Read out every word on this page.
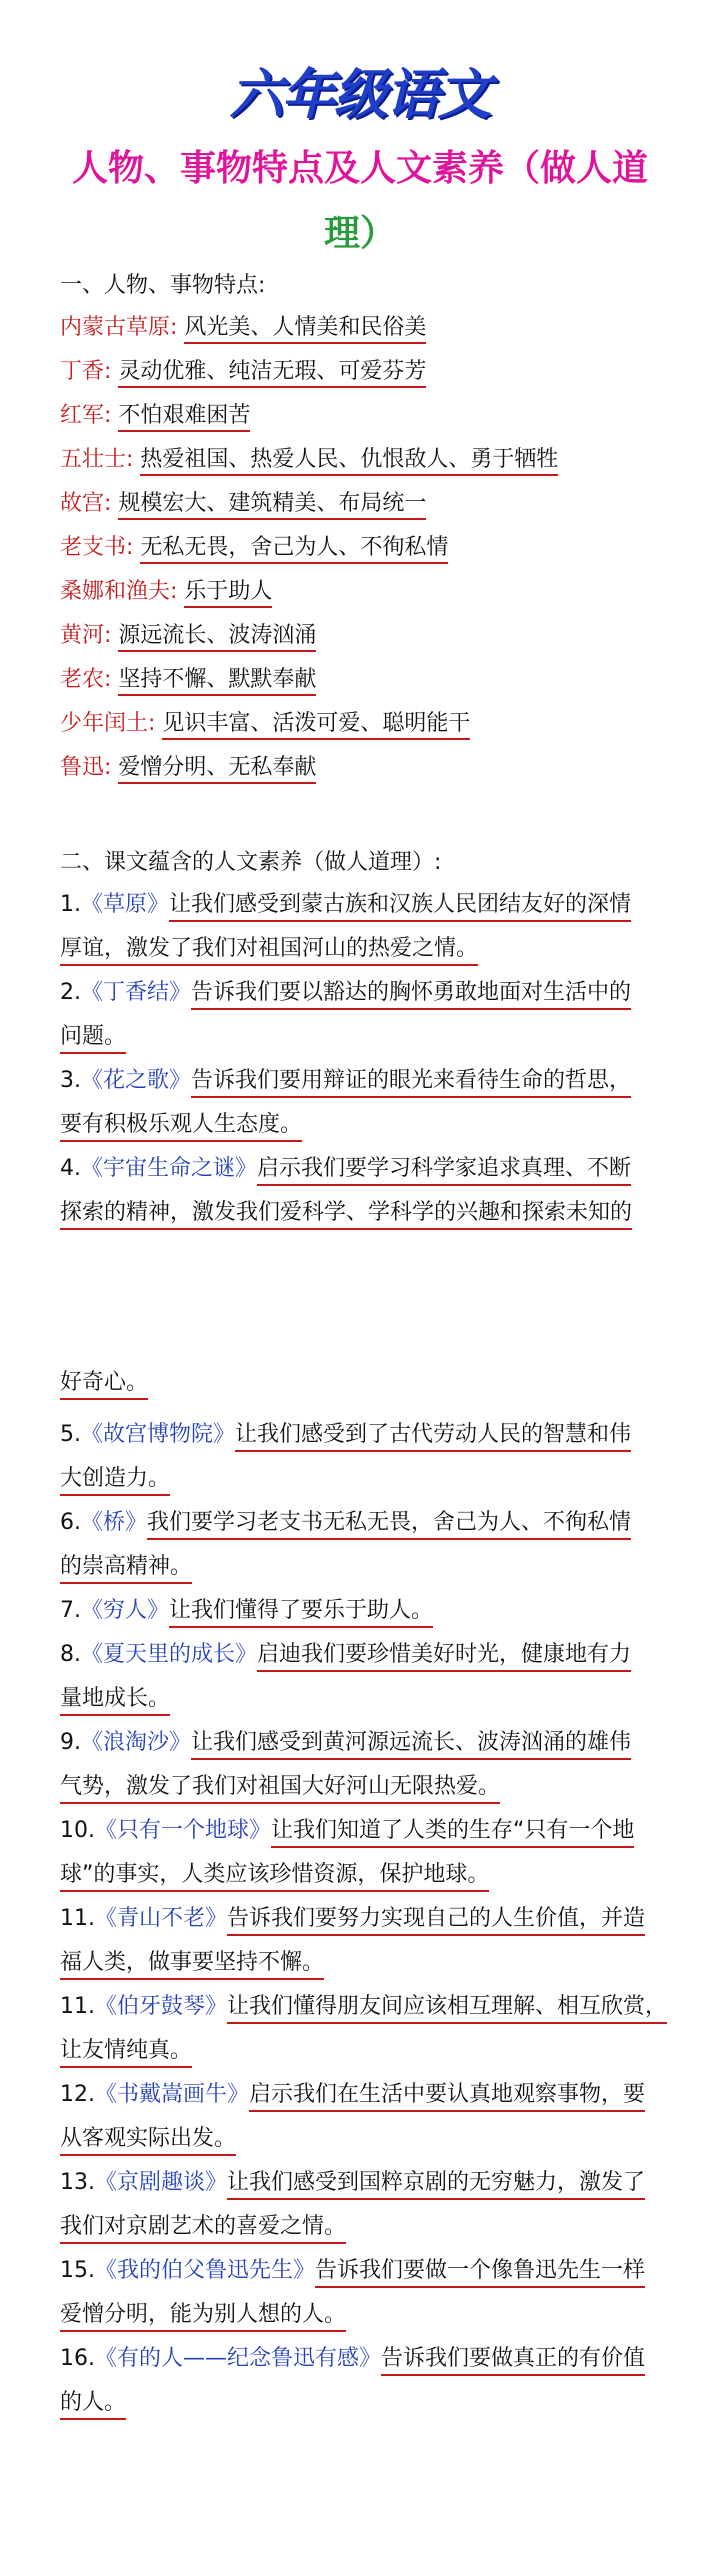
六年级语文
人物、事物特点及人文素养（做人道
理）
一、人物、事物特点:
内蒙古草原: 风光美、人情美和民俗美
丁香: 灵动优雅、纯洁无瑕、可爱芬芳
红军: 不怕艰难困苦
五壮士: 热爱祖国、热爱人民、仇恨敌人、勇于牺牲
故宫: 规模宏大、建筑精美、布局统一
老支书: 无私无畏，舍己为人、不徇私情
桑娜和渔夫: 乐于助人
黄河: 源远流长、波涛汹涌
老农: 坚持不懈、默默奉献
少年闰土: 见识丰富、活泼可爱、聪明能干
鲁迅: 爱憎分明、无私奉献
二、课文蕴含的人文素养（做人道理）:
1.《草原》让我们感受到蒙古族和汉族人民团结友好的深情
厚谊，激发了我们对祖国河山的热爱之情。
2.《丁香结》告诉我们要以豁达的胸怀勇敢地面对生活中的
问题。
3.《花之歌》告诉我们要用辩证的眼光来看待生命的哲思，
要有积极乐观人生态度。
4.《宇宙生命之谜》启示我们要学习科学家追求真理、不断
探索的精神，激发我们爱科学、学科学的兴趣和探索未知的
好奇心。
5.《故宫博物院》让我们感受到了古代劳动人民的智慧和伟
大创造力。
6.《桥》我们要学习老支书无私无畏，舍己为人、不徇私情
的崇高精神。
7.《穷人》让我们懂得了要乐于助人。
8.《夏天里的成长》启迪我们要珍惜美好时光，健康地有力
量地成长。
9.《浪淘沙》让我们感受到黄河源远流长、波涛汹涌的雄伟
气势，激发了我们对祖国大好河山无限热爱。
10.《只有一个地球》让我们知道了人类的生存“只有一个地
球”的事实，人类应该珍惜资源，保护地球。
11.《青山不老》告诉我们要努力实现自己的人生价值，并造
福人类，做事要坚持不懈。
11.《伯牙鼓琴》让我们懂得朋友间应该相互理解、相互欣赏，
让友情纯真。
12.《书戴嵩画牛》启示我们在生活中要认真地观察事物，要
从客观实际出发。
13.《京剧趣谈》让我们感受到国粹京剧的无穷魅力，激发了
我们对京剧艺术的喜爱之情。
15.《我的伯父鲁迅先生》告诉我们要做一个像鲁迅先生一样
爱憎分明，能为别人想的人。
16.《有的人——纪念鲁迅有感》告诉我们要做真正的有价值
的人。
